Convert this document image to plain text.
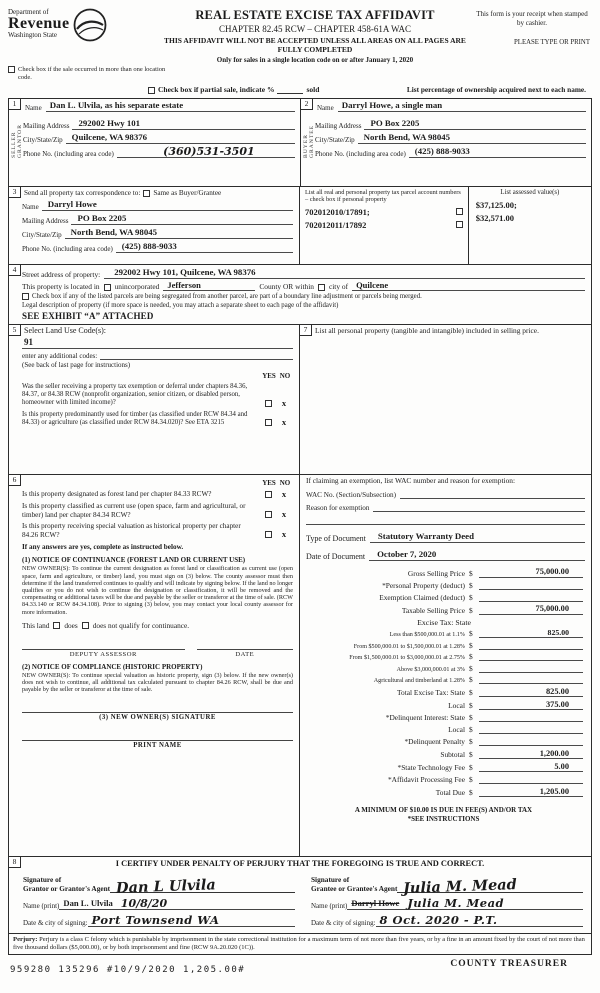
Department of
Revenue
Washington State
REAL ESTATE EXCISE TAX AFFIDAVIT
CHAPTER 82.45 RCW – CHAPTER 458-61A WAC
THIS AFFIDAVIT WILL NOT BE ACCEPTED UNLESS ALL AREAS ON ALL PAGES ARE FULLY COMPLETED
Only for sales in a single location code on or after January 1, 2020
This form is your receipt when stamped by cashier.
PLEASE TYPE OR PRINT
Check box if the sale occurred in more than one location code.
Check box if partial sale, indicate %	sold	List percentage of ownership acquired next to each name.
1	Name Dan L. Ulvila, as his separate estate
SELLER GRANTOR Mailing Address	292002 Hwy 101
City/State/Zip	Quilcene, WA 98376
Phone No. (including area code)	(360)531-3501
2	Name Darryl Howe, a single man
BUYER GRANTEE Mailing Address	PO Box 2205
City/State/Zip	North Bend, WA 98045
Phone No. (including area code)	(425) 888-9033
3	Send all property tax correspondence to: Same as Buyer/Grantee
Name	Darryl Howe
Mailing Address	PO Box 2205
City/State/Zip	North Bend, WA 98045
Phone No. (including area code)	(425) 888-9033
List all real and personal property tax parcel account numbers – check box if personal property
702012010/17891;
702012011/17892
List assessed value(s)
$37,125.00;
$32,571.00
4
Street address of property:	292002 Hwy 101, Quilcene, WA 98376
This property is located in unincorporated Jefferson	County OR within city of Quilcene
Check box if any of the listed parcels are being segregated from another parcel, are part of a boundary line adjustment or parcels being merged.
Legal description of property (if more space is needed, you may attach a separate sheet to each page of the affidavit)
SEE EXHIBIT “A” ATTACHED
5 Select Land Use Code(s):
91
enter any additional codes:
(See back of last page for instructions)
YES NO
Was the seller receiving a property tax exemption or deferral under chapters 84.36, 84.37, or 84.38 RCW (nonprofit organization, senior citizen, or disabled person, homeowner with limited income)?	x
Is this property predominantly used for timber (as classified under RCW 84.34 and 84.33) or agriculture (as classified under RCW 84.34.020)? See ETA 3215	x
6	YES NO
Is this property designated as forest land per chapter 84.33 RCW?	x
Is this property classified as current use (open space, farm and agricultural, or timber) land per chapter 84.34 RCW?	x
Is this property receiving special valuation as historical property per chapter 84.26 RCW?	x
If any answers are yes, complete as instructed below.
(1) NOTICE OF CONTINUANCE (FOREST LAND OR CURRENT USE)
NEW OWNER(S): To continue the current designation as forest land or classification as current use (open space, farm and agriculture, or timber) land, you must sign on (3) below. The county assessor must then determine if the land transferred continues to qualify and will indicate by signing below. If the land no longer qualifies or you do not wish to continue the designation or classification, it will be removed and the compensating or additional taxes will be due and payable by the seller or transferor at the time of sale. (RCW 84.33.140 or RCW 84.34.108). Prior to signing (3) below, you may contact your local county assessor for more information.
This land does does not qualify for continuance.
DEPUTY ASSESSOR	DATE
(2) NOTICE OF COMPLIANCE (HISTORIC PROPERTY)
NEW OWNER(S): To continue special valuation as historic property, sign (3) below. If the new owner(s) does not wish to continue, all additional tax calculated pursuant to chapter 84.26 RCW, shall be due and payable by the seller or transferor at the time of sale.
(3) NEW OWNER(S) SIGNATURE
PRINT NAME
7	List all personal property (tangible and intangible) included in selling price.
If claiming an exemption, list WAC number and reason for exemption:
WAC No. (Section/Subsection)
Reason for exemption
Type of Document	Statutory Warranty Deed
Date of Document	October 7, 2020
Gross Selling Price $	75,000.00
*Personal Property (deduct) $
Exemption Claimed (deduct) $
Taxable Selling Price $	75,000.00
Excise Tax: State
Less than $500,000.01 at 1.1% $	825.00
From $500,000.01 to $1,500,000.01 at 1.28% $
From $1,500,000.01 to $3,000,000.01 at 2.75% $
Above $3,000,000.01 at 3% $
Agricultural and timberland at 1.28% $
Total Excise Tax: State $	825.00
Local $	375.00
*Delinquent Interest: State $
Local $
*Delinquent Penalty $
Subtotal $	1,200.00
*State Technology Fee $	5.00
*Affidavit Processing Fee $
Total Due $	1,205.00
A MINIMUM OF $10.00 IS DUE IN FEE(S) AND/OR TAX
*SEE INSTRUCTIONS
8	I CERTIFY UNDER PENALTY OF PERJURY THAT THE FOREGOING IS TRUE AND CORRECT.
Signature of
Grantor or Grantor's Agent Dan L Ulvila
Name (print) Dan L. Ulvila 10/8/20
Date & city of signing: Port Townsend WA
Signature of
Grantee or Grantee's Agent Julia M. Mead
Name (print) Darryl Howe Julia M. Mead
Date & city of signing: 8 Oct. 2020 - P.T.
Perjury: Perjury is a class C felony which is punishable by imprisonment in the state correctional institution for a maximum term of not more than five years, or by a fine in an amount fixed by the court of not more than five thousand dollars ($5,000.00), or by both imprisonment and fine (RCW 9A.20.020 (1C)).
959280 135296 #10/9/2020 1,205.00#
COUNTY TREASURER
